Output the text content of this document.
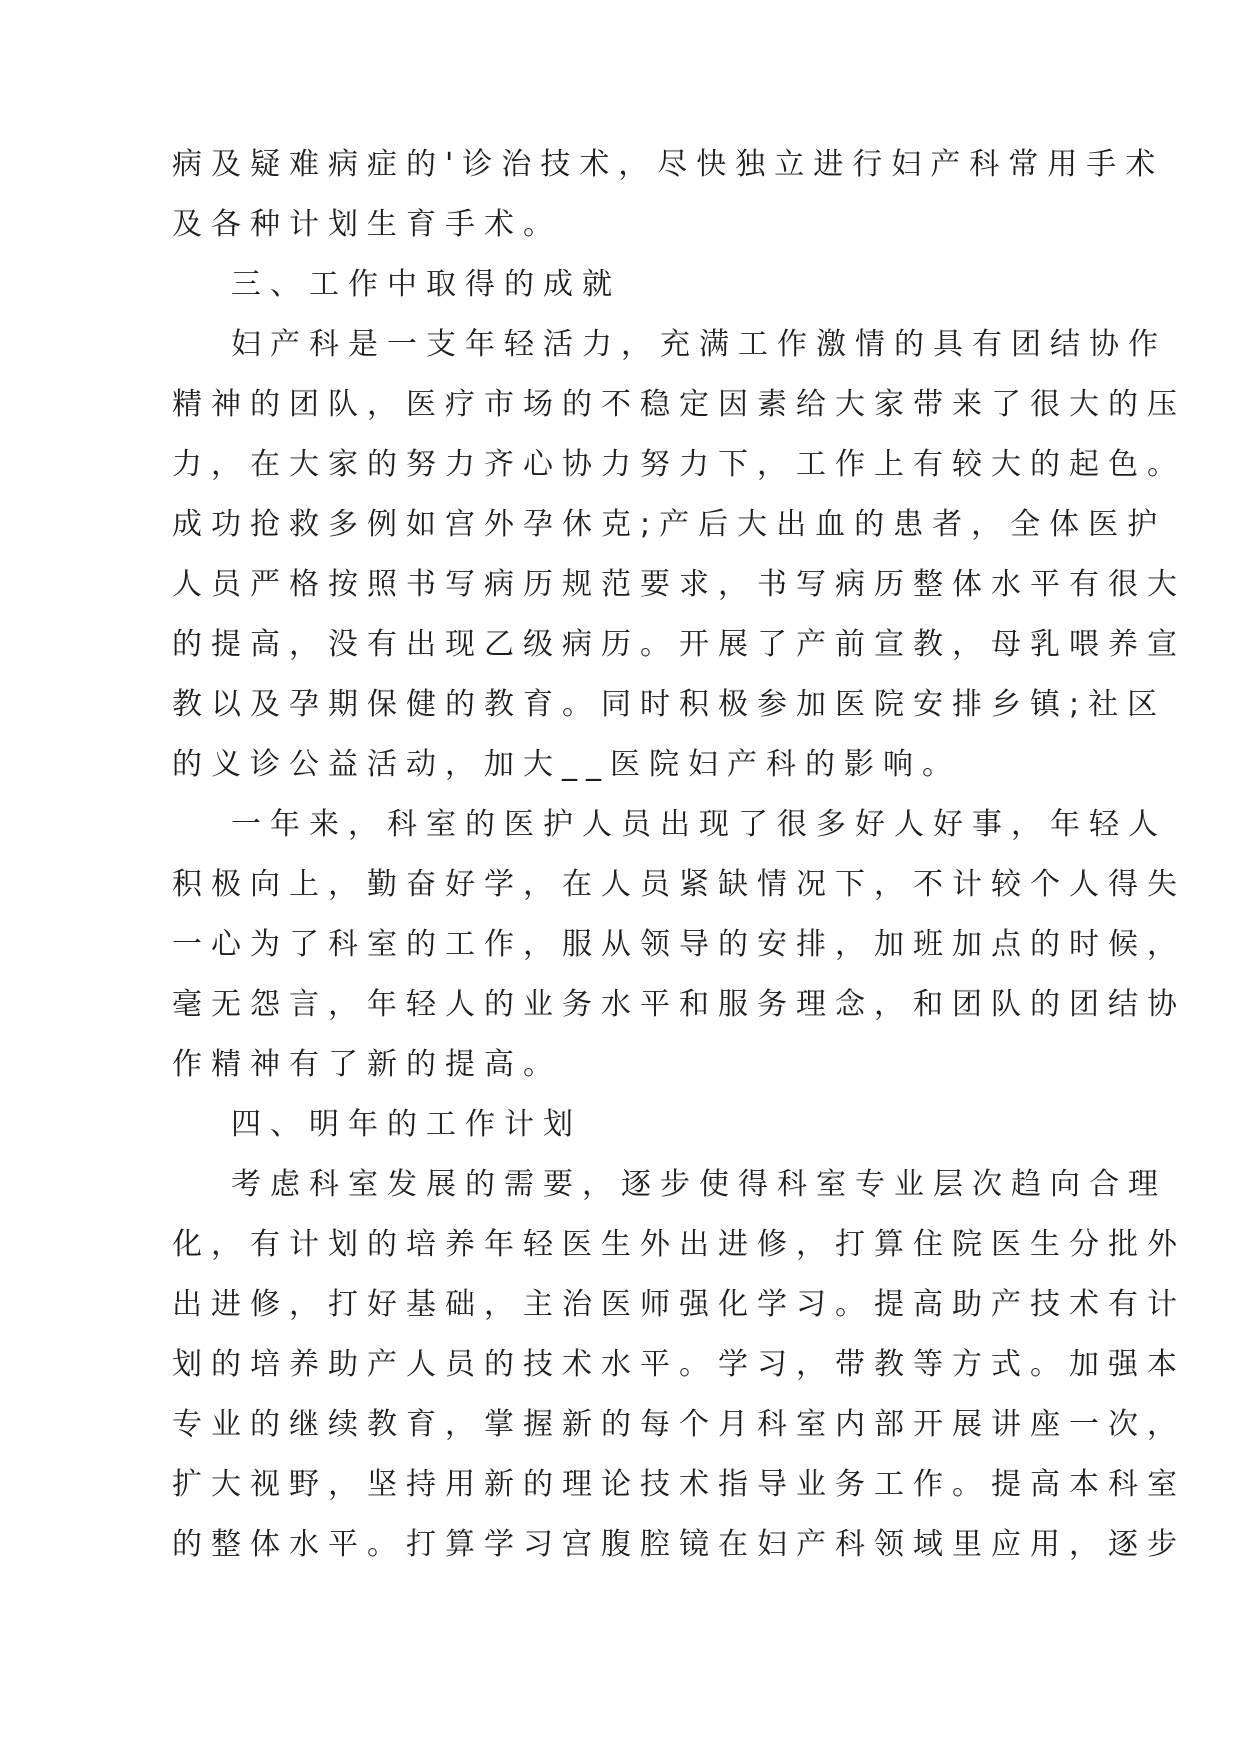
病及疑难病症的'诊治技术，尽快独立进行妇产科常用手术
及各种计划生育手术。
三、工作中取得的成就
妇产科是一支年轻活力，充满工作激情的具有团结协作
精神的团队，医疗市场的不稳定因素给大家带来了很大的压
力，在大家的努力齐心协力努力下，工作上有较大的起色。
成功抢救多例如宫外孕休克;产后大出血的患者，全体医护
人员严格按照书写病历规范要求，书写病历整体水平有很大
的提高，没有出现乙级病历。开展了产前宣教，母乳喂养宣
教以及孕期保健的教育。同时积极参加医院安排乡镇;社区
的义诊公益活动，加大__医院妇产科的影响。
一年来，科室的医护人员出现了很多好人好事，年轻人
积极向上，勤奋好学，在人员紧缺情况下，不计较个人得失
一心为了科室的工作，服从领导的安排，加班加点的时候，
毫无怨言，年轻人的业务水平和服务理念，和团队的团结协
作精神有了新的提高。
四、明年的工作计划
考虑科室发展的需要，逐步使得科室专业层次趋向合理
化，有计划的培养年轻医生外出进修，打算住院医生分批外
出进修，打好基础，主治医师强化学习。提高助产技术有计
划的培养助产人员的技术水平。学习，带教等方式。加强本
专业的继续教育，掌握新的每个月科室内部开展讲座一次，
扩大视野，坚持用新的理论技术指导业务工作。提高本科室
的整体水平。打算学习宫腹腔镜在妇产科领域里应用，逐步
